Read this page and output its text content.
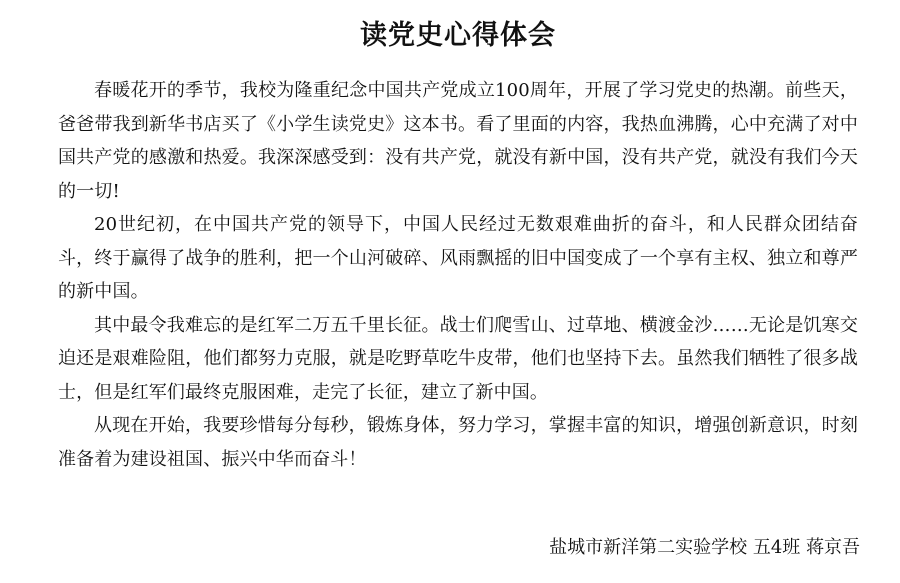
读党史心得体会

春暖花开的季节，我校为隆重纪念中国共产党成立100周年，开展了学习党史的热潮。前些天，爸爸带我到新华书店买了《小学生读党史》这本书。看了里面的内容，我热血沸腾，心中充满了对中国共产党的感激和热爱。我深深感受到：没有共产党，就没有新中国，没有共产党，就没有我们今天的一切!

20世纪初，在中国共产党的领导下，中国人民经过无数艰难曲折的奋斗，和人民群众团结奋斗，终于赢得了战争的胜利，把一个山河破碎、风雨飘摇的旧中国变成了一个享有主权、独立和尊严的新中国。

其中最令我难忘的是红军二万五千里长征。战士们爬雪山、过草地、横渡金沙……无论是饥寒交迫还是艰难险阻，他们都努力克服，就是吃野草吃牛皮带，他们也坚持下去。虽然我们牺牲了很多战士，但是红军们最终克服困难，走完了长征，建立了新中国。

从现在开始，我要珍惜每分每秒，锻炼身体，努力学习，掌握丰富的知识，增强创新意识，时刻准备着为建设祖国、振兴中华而奋斗！

盐城市新洋第二实验学校 五4班 蒋京吾
